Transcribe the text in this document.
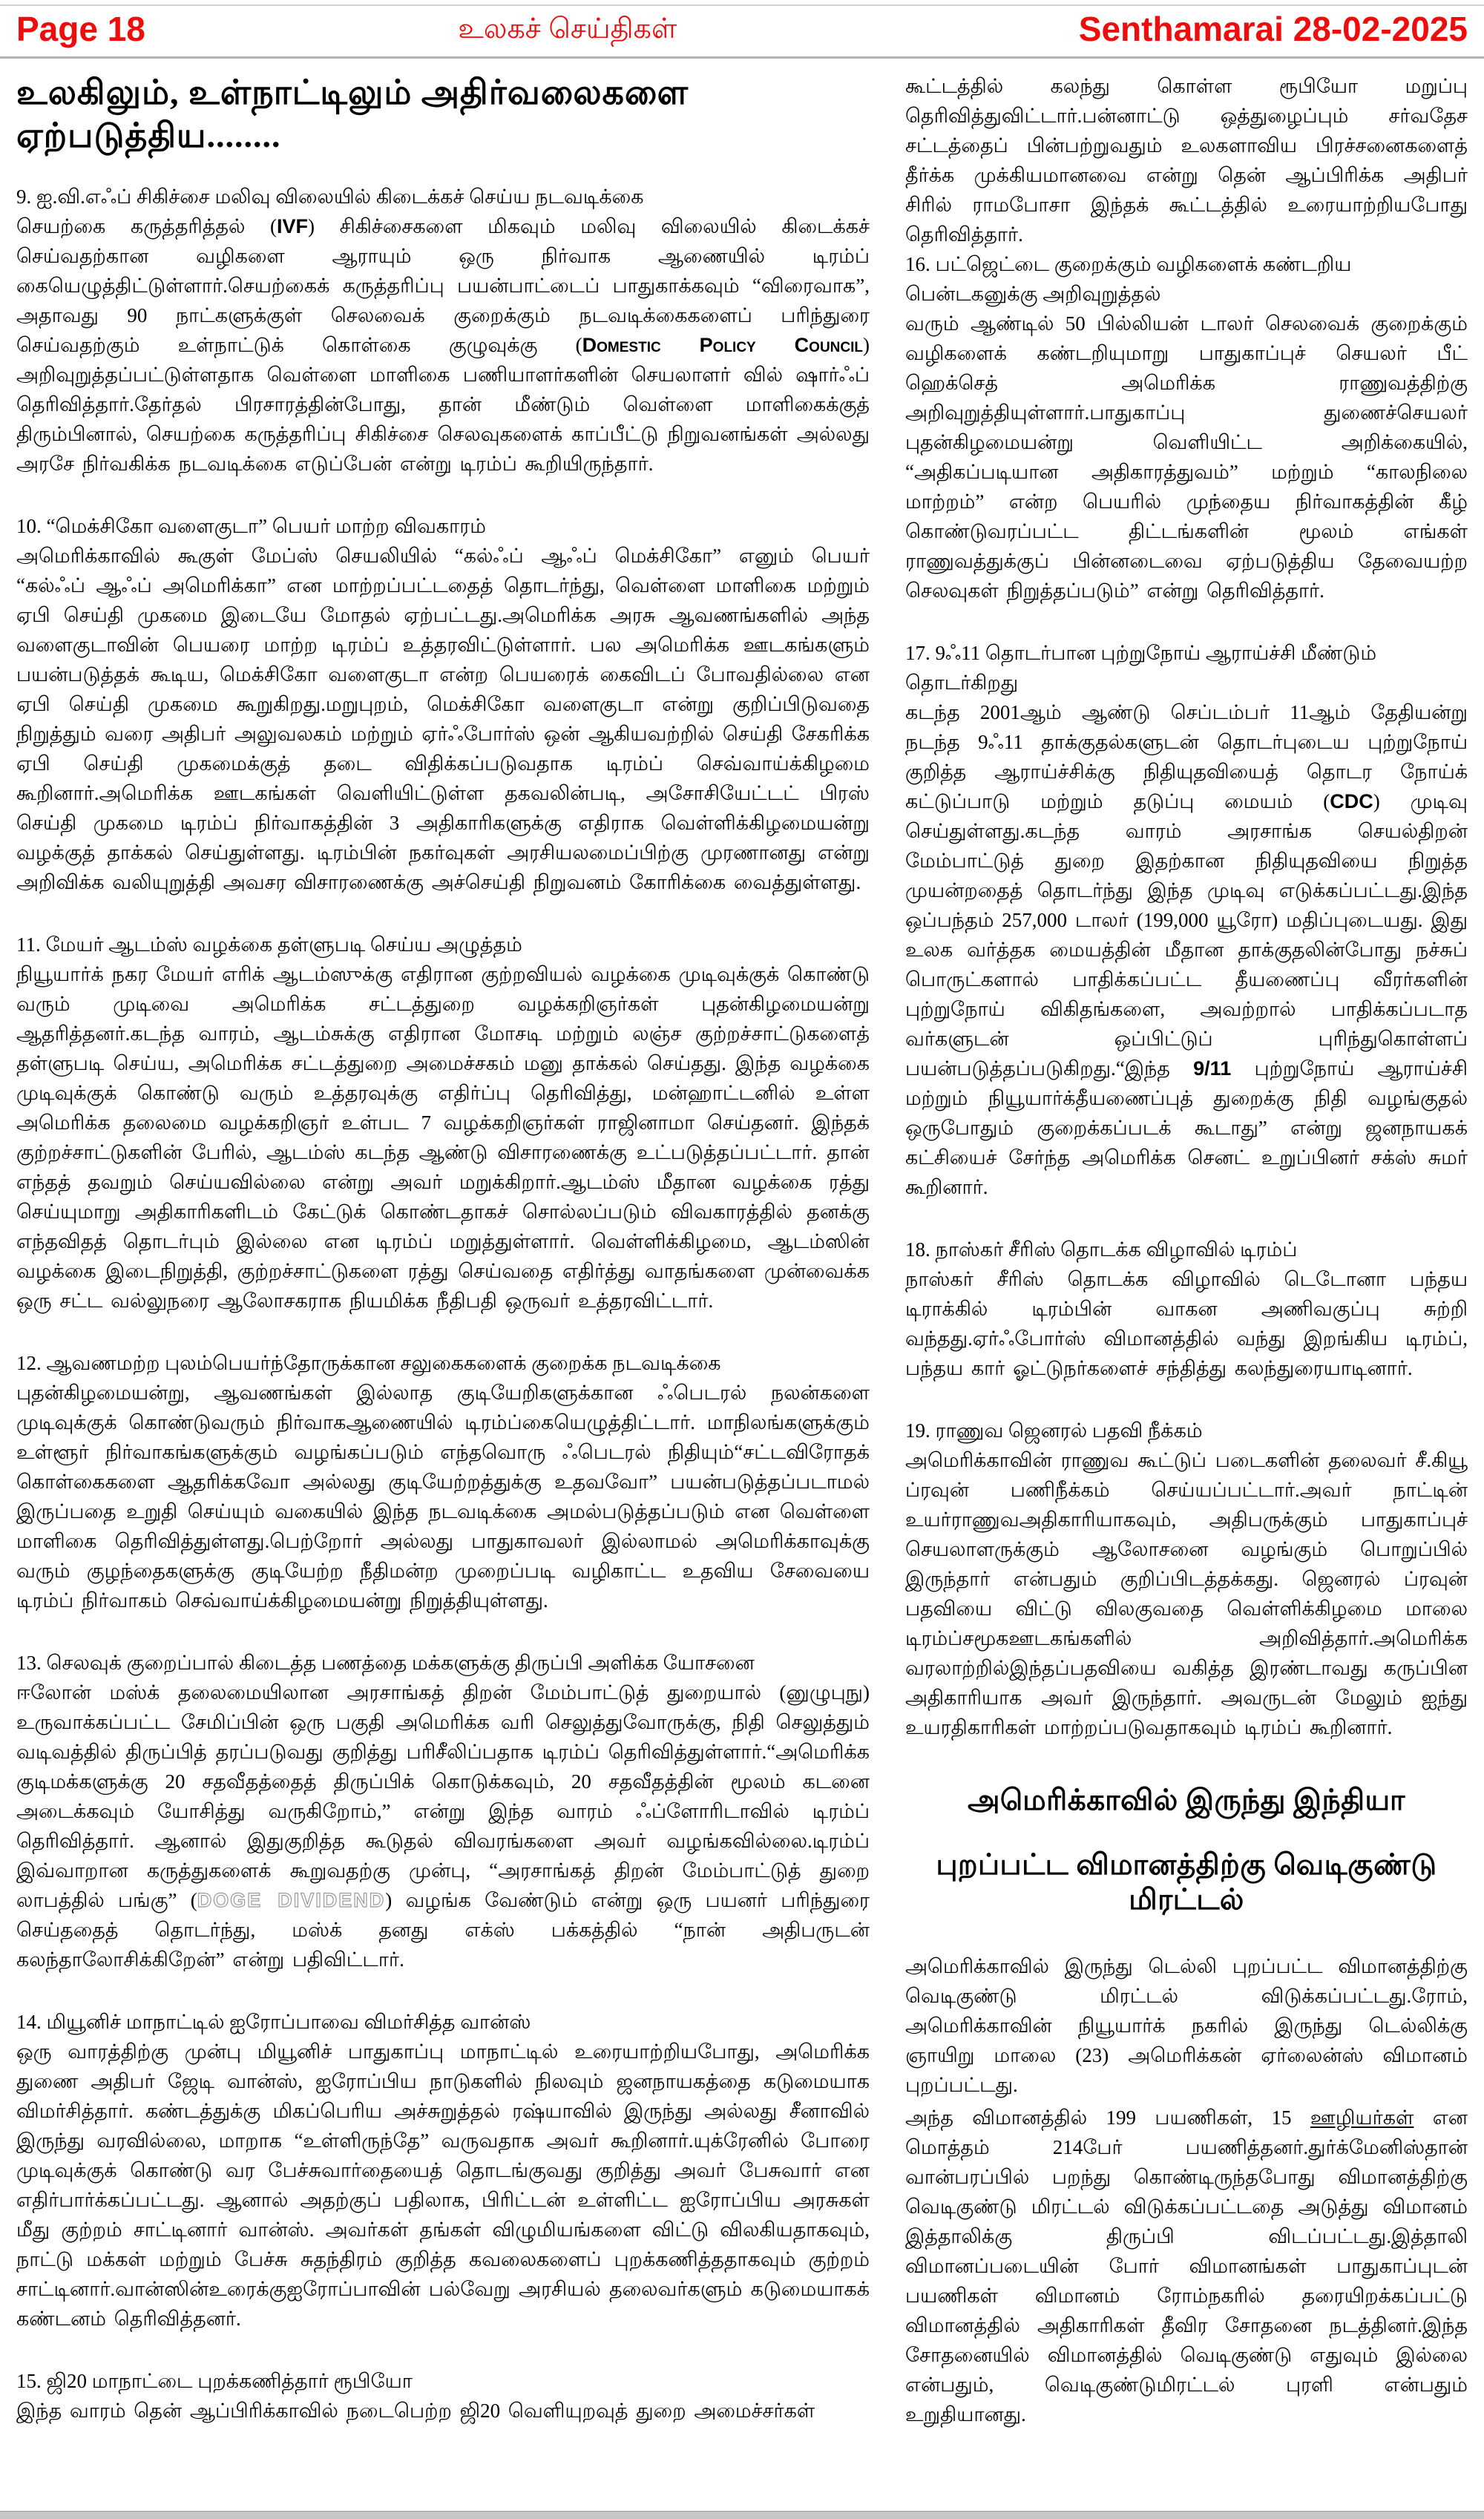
Page 18	உலகச் செய்திகள்	Senthamarai 28-02-2025
உலகிலும், உள்நாட்டிலும் அதிர்வலைகளை ஏற்படுத்திய........
9. ஐ.வி.எஃப் சிகிச்சை மலிவு விலையில் கிடைக்கச் செய்ய நடவடிக்கை
செயற்கை கருத்தரித்தல் (IVF) சிகிச்சைகளை மிகவும் மலிவு விலையில் கிடைக்கச் செய்வதற்கான வழிகளை ஆராயும் ஒரு நிர்வாக ஆணையில் டிரம்ப் கையெழுத்திட்டுள்ளார்.செயற்கைக் கருத்தரிப்பு பயன்பாட்டைப் பாதுகாக்கவும் “விரைவாக”, அதாவது 90 நாட்களுக்குள் செலவைக் குறைக்கும் நடவடிக்கைகளைப் பரிந்துரை செய்வதற்கும் உள்நாட்டுக் கொள்கை குழுவுக்கு (Domestic Policy Council) அறிவுறுத்தப்பட்டுள்ளதாக வெள்ளை மாளிகை பணியாளர்களின் செயலாளர் வில் ஷார்ஃப் தெரிவித்தார்.தேர்தல் பிரசாரத்தின்போது, தான் மீண்டும் வெள்ளை மாளிகைக்குத் திரும்பினால், செயற்கை கருத்தரிப்பு சிகிச்சை செலவுகளைக் காப்பீட்டு நிறுவனங்கள் அல்லது அரசே நிர்வகிக்க நடவடிக்கை எடுப்பேன் என்று டிரம்ப் கூறியிருந்தார்.
10. “மெக்சிகோ வளைகுடா” பெயர் மாற்ற விவகாரம்
அமெரிக்காவில் கூகுள் மேப்ஸ் செயலியில் “கல்ஃப் ஆஃப் மெக்சிகோ” எனும் பெயர் “கல்ஃப் ஆஃப் அமெரிக்கா” என மாற்றப்பட்டதைத் தொடர்ந்து, வெள்ளை மாளிகை மற்றும் ஏபி செய்தி முகமை இடையே மோதல் ஏற்பட்டது.அமெரிக்க அரசு ஆவணங்களில் அந்த வளைகுடாவின் பெயரை மாற்ற டிரம்ப் உத்தரவிட்டுள்ளார். பல அமெரிக்க ஊடகங்களும் பயன்படுத்தக் கூடிய, மெக்சிகோ வளைகுடா என்ற பெயரைக் கைவிடப் போவதில்லை என ஏபி செய்தி முகமை கூறுகிறது.மறுபுறம், மெக்சிகோ வளைகுடா என்று குறிப்பிடுவதை நிறுத்தும் வரை அதிபர் அலுவலகம் மற்றும் ஏர்ஃபோர்ஸ் ஒன் ஆகியவற்றில் செய்தி சேகரிக்க ஏபி செய்தி முகமைக்குத் தடை விதிக்கப்படுவதாக டிரம்ப் செவ்வாய்க்கிழமை கூறினார்.அமெரிக்க ஊடகங்கள் வெளியிட்டுள்ள தகவலின்படி, அசோசியேட்டட் பிரஸ் செய்தி முகமை டிரம்ப் நிர்வாகத்தின் 3 அதிகாரிகளுக்கு எதிராக வெள்ளிக்கிழமையன்று வழக்குத் தாக்கல் செய்துள்ளது. டிரம்பின் நகர்வுகள் அரசியலமைப்பிற்கு முரணானது என்று அறிவிக்க வலியுறுத்தி அவசர விசாரணைக்கு அச்செய்தி நிறுவனம் கோரிக்கை வைத்துள்ளது.
11. மேயர் ஆடம்ஸ் வழக்கை தள்ளுபடி செய்ய அழுத்தம்
நியூயார்க் நகர மேயர் எரிக் ஆடம்ஸுக்கு எதிரான குற்றவியல் வழக்கை முடிவுக்குக் கொண்டு வரும் முடிவை அமெரிக்க சட்டத்துறை வழக்கறிஞர்கள் புதன்கிழமையன்று ஆதரித்தனர்.கடந்த வாரம், ஆடம்சுக்கு எதிரான மோசடி மற்றும் லஞ்ச குற்றச்சாட்டுகளைத் தள்ளுபடி செய்ய, அமெரிக்க சட்டத்துறை அமைச்சகம் மனு தாக்கல் செய்தது. இந்த வழக்கை முடிவுக்குக் கொண்டு வரும் உத்தரவுக்கு எதிர்ப்பு தெரிவித்து, மன்ஹாட்டனில் உள்ள அமெரிக்க தலைமை வழக்கறிஞர் உள்பட 7 வழக்கறிஞர்கள் ராஜினாமா செய்தனர். இந்தக் குற்றச்சாட்டுகளின் பேரில், ஆடம்ஸ் கடந்த ஆண்டு விசாரணைக்கு உட்படுத்தப்பட்டார். தான் எந்தத் தவறும் செய்யவில்லை என்று அவர் மறுக்கிறார்.ஆடம்ஸ் மீதான வழக்கை ரத்து செய்யுமாறு அதிகாரிகளிடம் கேட்டுக் கொண்டதாகச் சொல்லப்படும் விவகாரத்தில் தனக்கு எந்தவிதத் தொடர்பும் இல்லை என டிரம்ப் மறுத்துள்ளார். வெள்ளிக்கிழமை, ஆடம்ஸின் வழக்கை இடைநிறுத்தி, குற்றச்சாட்டுகளை ரத்து செய்வதை எதிர்த்து வாதங்களை முன்வைக்க ஒரு சட்ட வல்லுநரை ஆலோசகராக நியமிக்க நீதிபதி ஒருவர் உத்தரவிட்டார்.
12. ஆவணமற்ற புலம்பெயர்ந்தோருக்கான சலுகைகளைக் குறைக்க நடவடிக்கை
புதன்கிழமையன்று, ஆவணங்கள் இல்லாத குடியேறிகளுக்கான ஃபெடரல் நலன்களை முடிவுக்குக் கொண்டுவரும் நிர்வாகஆணையில் டிரம்ப்கையெழுத்திட்டார். மாநிலங்களுக்கும் உள்ளூர் நிர்வாகங்களுக்கும் வழங்கப்படும் எந்தவொரு ஃபெடரல் நிதியும்“சட்டவிரோதக் கொள்கைகளை ஆதரிக்கவோ அல்லது குடியேற்றத்துக்கு உதவவோ” பயன்படுத்தப்படாமல் இருப்பதை உறுதி செய்யும் வகையில் இந்த நடவடிக்கை அமல்படுத்தப்படும் என வெள்ளை மாளிகை தெரிவித்துள்ளது.பெற்றோர் அல்லது பாதுகாவலர் இல்லாமல் அமெரிக்காவுக்கு வரும் குழந்தைகளுக்கு குடியேற்ற நீதிமன்ற முறைப்படி வழிகாட்ட உதவிய சேவையை டிரம்ப் நிர்வாகம் செவ்வாய்க்கிழமையன்று நிறுத்தியுள்ளது.
13. செலவுக் குறைப்பால் கிடைத்த பணத்தை மக்களுக்கு திருப்பி அளிக்க யோசனை
ஈலோன் மஸ்க் தலைமையிலான அரசாங்கத் திறன் மேம்பாட்டுத் துறையால் (னுழுபுநு) உருவாக்கப்பட்ட சேமிப்பின் ஒரு பகுதி அமெரிக்க வரி செலுத்துவோருக்கு, நிதி செலுத்தும் வடிவத்தில் திருப்பித் தரப்படுவது குறித்து பரிசீலிப்பதாக டிரம்ப் தெரிவித்துள்ளார்.“அமெரிக்க குடிமக்களுக்கு 20 சதவீதத்தைத் திருப்பிக் கொடுக்கவும், 20 சதவீதத்தின் மூலம் கடனை அடைக்கவும் யோசித்து வருகிறோம்,” என்று இந்த வாரம் ஃப்ளோரிடாவில் டிரம்ப் தெரிவித்தார். ஆனால் இதுகுறித்த கூடுதல் விவரங்களை அவர் வழங்கவில்லை.டிரம்ப் இவ்வாறான கருத்துகளைக் கூறுவதற்கு முன்பு, “அரசாங்கத் திறன் மேம்பாட்டுத் துறை லாபத்தில் பங்கு” (DOGE DIVIDEND) வழங்க வேண்டும் என்று ஒரு பயனர் பரிந்துரை செய்ததைத் தொடர்ந்து, மஸ்க் தனது எக்ஸ் பக்கத்தில் “நான் அதிபருடன் கலந்தாலோசிக்கிறேன்” என்று பதிவிட்டார்.
14. மியூனிச் மாநாட்டில் ஐரோப்பாவை விமர்சித்த வான்ஸ்
ஒரு வாரத்திற்கு முன்பு மியூனிச் பாதுகாப்பு மாநாட்டில் உரையாற்றியபோது, அமெரிக்க துணை அதிபர் ஜேடி வான்ஸ், ஐரோப்பிய நாடுகளில் நிலவும் ஜனநாயகத்தை கடுமையாக விமர்சித்தார். கண்டத்துக்கு மிகப்பெரிய அச்சுறுத்தல் ரஷ்யாவில் இருந்து அல்லது சீனாவில் இருந்து வரவில்லை, மாறாக “உள்ளிருந்தே” வருவதாக அவர் கூறினார்.யுக்ரேனில் போரை முடிவுக்குக் கொண்டு வர பேச்சுவார்தையைத் தொடங்குவது குறித்து அவர் பேசுவார் என எதிர்பார்க்கப்பட்டது. ஆனால் அதற்குப் பதிலாக, பிரிட்டன் உள்ளிட்ட ஐரோப்பிய அரசுகள் மீது குற்றம் சாட்டினார் வான்ஸ். அவர்கள் தங்கள் விழுமியங்களை விட்டு விலகியதாகவும், நாட்டு மக்கள் மற்றும் பேச்சு சுதந்திரம் குறித்த கவலைகளைப் புறக்கணித்ததாகவும் குற்றம் சாட்டினார்.வான்ஸின்உரைக்குஐரோப்பாவின் பல்வேறு அரசியல் தலைவர்களும் கடுமையாகக் கண்டனம் தெரிவித்தனர்.
15. ஜி20 மாநாட்டை புறக்கணித்தார் ரூபியோ
இந்த வாரம் தென் ஆப்பிரிக்காவில் நடைபெற்ற ஜி20 வெளியுறவுத் துறை அமைச்சர்கள்
கூட்டத்தில் கலந்து கொள்ள ரூபியோ மறுப்பு தெரிவித்துவிட்டார்.பன்னாட்டு ஒத்துழைப்பும் சர்வதேச சட்டத்தைப் பின்பற்றுவதும் உலகளாவிய பிரச்சனைகளைத் தீர்க்க முக்கியமானவை என்று தென் ஆப்பிரிக்க அதிபர் சிரில் ராமபோசா இந்தக் கூட்டத்தில் உரையாற்றியபோது தெரிவித்தார்.
16. பட்ஜெட்டை குறைக்கும் வழிகளைக் கண்டறிய பென்டகனுக்கு அறிவுறுத்தல்
வரும் ஆண்டில் 50 பில்லியன் டாலர் செலவைக் குறைக்கும் வழிகளைக் கண்டறியுமாறு பாதுகாப்புச் செயலர் பீட் ஹெக்செத் அமெரிக்க ராணுவத்திற்கு அறிவுறுத்தியுள்ளார்.பாதுகாப்பு துணைச்செயலர் புதன்கிழமையன்று வெளியிட்ட அறிக்கையில், “அதிகப்படியான அதிகாரத்துவம்” மற்றும் “காலநிலை மாற்றம்” என்ற பெயரில் முந்தைய நிர்வாகத்தின் கீழ் கொண்டுவரப்பட்ட திட்டங்களின் மூலம் எங்கள் ராணுவத்துக்குப் பின்னடைவை ஏற்படுத்திய தேவையற்ற செலவுகள் நிறுத்தப்படும்” என்று தெரிவித்தார்.
17. 9ஃ11 தொடர்பான புற்றுநோய் ஆராய்ச்சி மீண்டும் தொடர்கிறது
கடந்த 2001ஆம் ஆண்டு செப்டம்பர் 11ஆம் தேதியன்று நடந்த 9ஃ11 தாக்குதல்களுடன் தொடர்புடைய புற்றுநோய் குறித்த ஆராய்ச்சிக்கு நிதியுதவியைத் தொடர நோய்க் கட்டுப்பாடு மற்றும் தடுப்பு மையம் (CDC) முடிவு செய்துள்ளது.கடந்த வாரம் அரசாங்க செயல்திறன் மேம்பாட்டுத் துறை இதற்கான நிதியுதவியை நிறுத்த முயன்றதைத் தொடர்ந்து இந்த முடிவு எடுக்கப்பட்டது.இந்த ஒப்பந்தம் 257,000 டாலர் (199,000 யூரோ) மதிப்புடையது. இது உலக வர்த்தக மையத்தின் மீதான தாக்குதலின்போது நச்சுப் பொருட்களால் பாதிக்கப்பட்ட தீயணைப்பு வீரர்களின் புற்றுநோய் விகிதங்களை, அவற்றால் பாதிக்கப்படாத வர்களுடன் ஒப்பிட்டுப் புரிந்துகொள்ளப் பயன்படுத்தப்படுகிறது.“இந்த 9/11 புற்றுநோய் ஆராய்ச்சி மற்றும் நியூயார்க்தீயணைப்புத் துறைக்கு நிதி வழங்குதல் ஒருபோதும் குறைக்கப்படக் கூடாது” என்று ஜனநாயகக் கட்சியைச் சேர்ந்த அமெரிக்க செனட் உறுப்பினர் சக்ஸ் சுமர் கூறினார்.
18. நாஸ்கர் சீரிஸ் தொடக்க விழாவில் டிரம்ப்
நாஸ்கர் சீரிஸ் தொடக்க விழாவில் டெடோனா பந்தய டிராக்கில் டிரம்பின் வாகன அணிவகுப்பு சுற்றி வந்தது.ஏர்ஃபோர்ஸ் விமானத்தில் வந்து இறங்கிய டிரம்ப், பந்தய கார் ஓட்டுநர்களைச் சந்தித்து கலந்துரையாடினார்.
19. ராணுவ ஜெனரல் பதவி நீக்கம்
அமெரிக்காவின் ராணுவ கூட்டுப் படைகளின் தலைவர் சீ.கியூ ப்ரவுன் பணிநீக்கம் செய்யப்பட்டார்.அவர் நாட்டின் உயர்ராணுவஅதிகாரியாகவும், அதிபருக்கும் பாதுகாப்புச் செயலாளருக்கும் ஆலோசனை வழங்கும் பொறுப்பில் இருந்தார் என்பதும் குறிப்பிடத்தக்கது. ஜெனரல் ப்ரவுன் பதவியை விட்டு விலகுவதை வெள்ளிக்கிழமை மாலை டிரம்ப்சமூகஊடகங்களில் அறிவித்தார்.அமெரிக்க வரலாற்றில்இந்தப்பதவியை வகித்த இரண்டாவது கருப்பின அதிகாரியாக அவர் இருந்தார். அவருடன் மேலும் ஐந்து உயரதிகாரிகள் மாற்றப்படுவதாகவும் டிரம்ப் கூறினார்.
அமெரிக்காவில் இருந்து இந்தியா
புறப்பட்ட விமானத்திற்கு வெடிகுண்டு மிரட்டல்
அமெரிக்காவில் இருந்து டெல்லி புறப்பட்ட விமானத்திற்கு வெடிகுண்டு மிரட்டல் விடுக்கப்பட்டது.ரோம், அமெரிக்காவின் நியூயார்க் நகரில் இருந்து டெல்லிக்கு ஞாயிறு மாலை (23) அமெரிக்கன் ஏர்லைன்ஸ் விமானம் புறப்பட்டது.
அந்த விமானத்தில் 199 பயணிகள், 15 ஊழியர்கள் என மொத்தம் 214பேர் பயணித்தனர்.துர்க்மேனிஸ்தான் வான்பரப்பில் பறந்து கொண்டிருந்தபோது விமானத்திற்கு வெடிகுண்டு மிரட்டல் விடுக்கப்பட்டதை அடுத்து விமானம் இத்தாலிக்கு திருப்பி விடப்பட்டது.இத்தாலி விமானப்படையின் போர் விமானங்கள் பாதுகாப்புடன் பயணிகள் விமானம் ரோம்நகரில் தரையிறக்கப்பட்டு விமானத்தில் அதிகாரிகள் தீவிர சோதனை நடத்தினர்.இந்த சோதனையில் விமானத்தில் வெடிகுண்டு எதுவும் இல்லை என்பதும், வெடிகுண்டுமிரட்டல் புரளி என்பதும் உறுதியானது.
